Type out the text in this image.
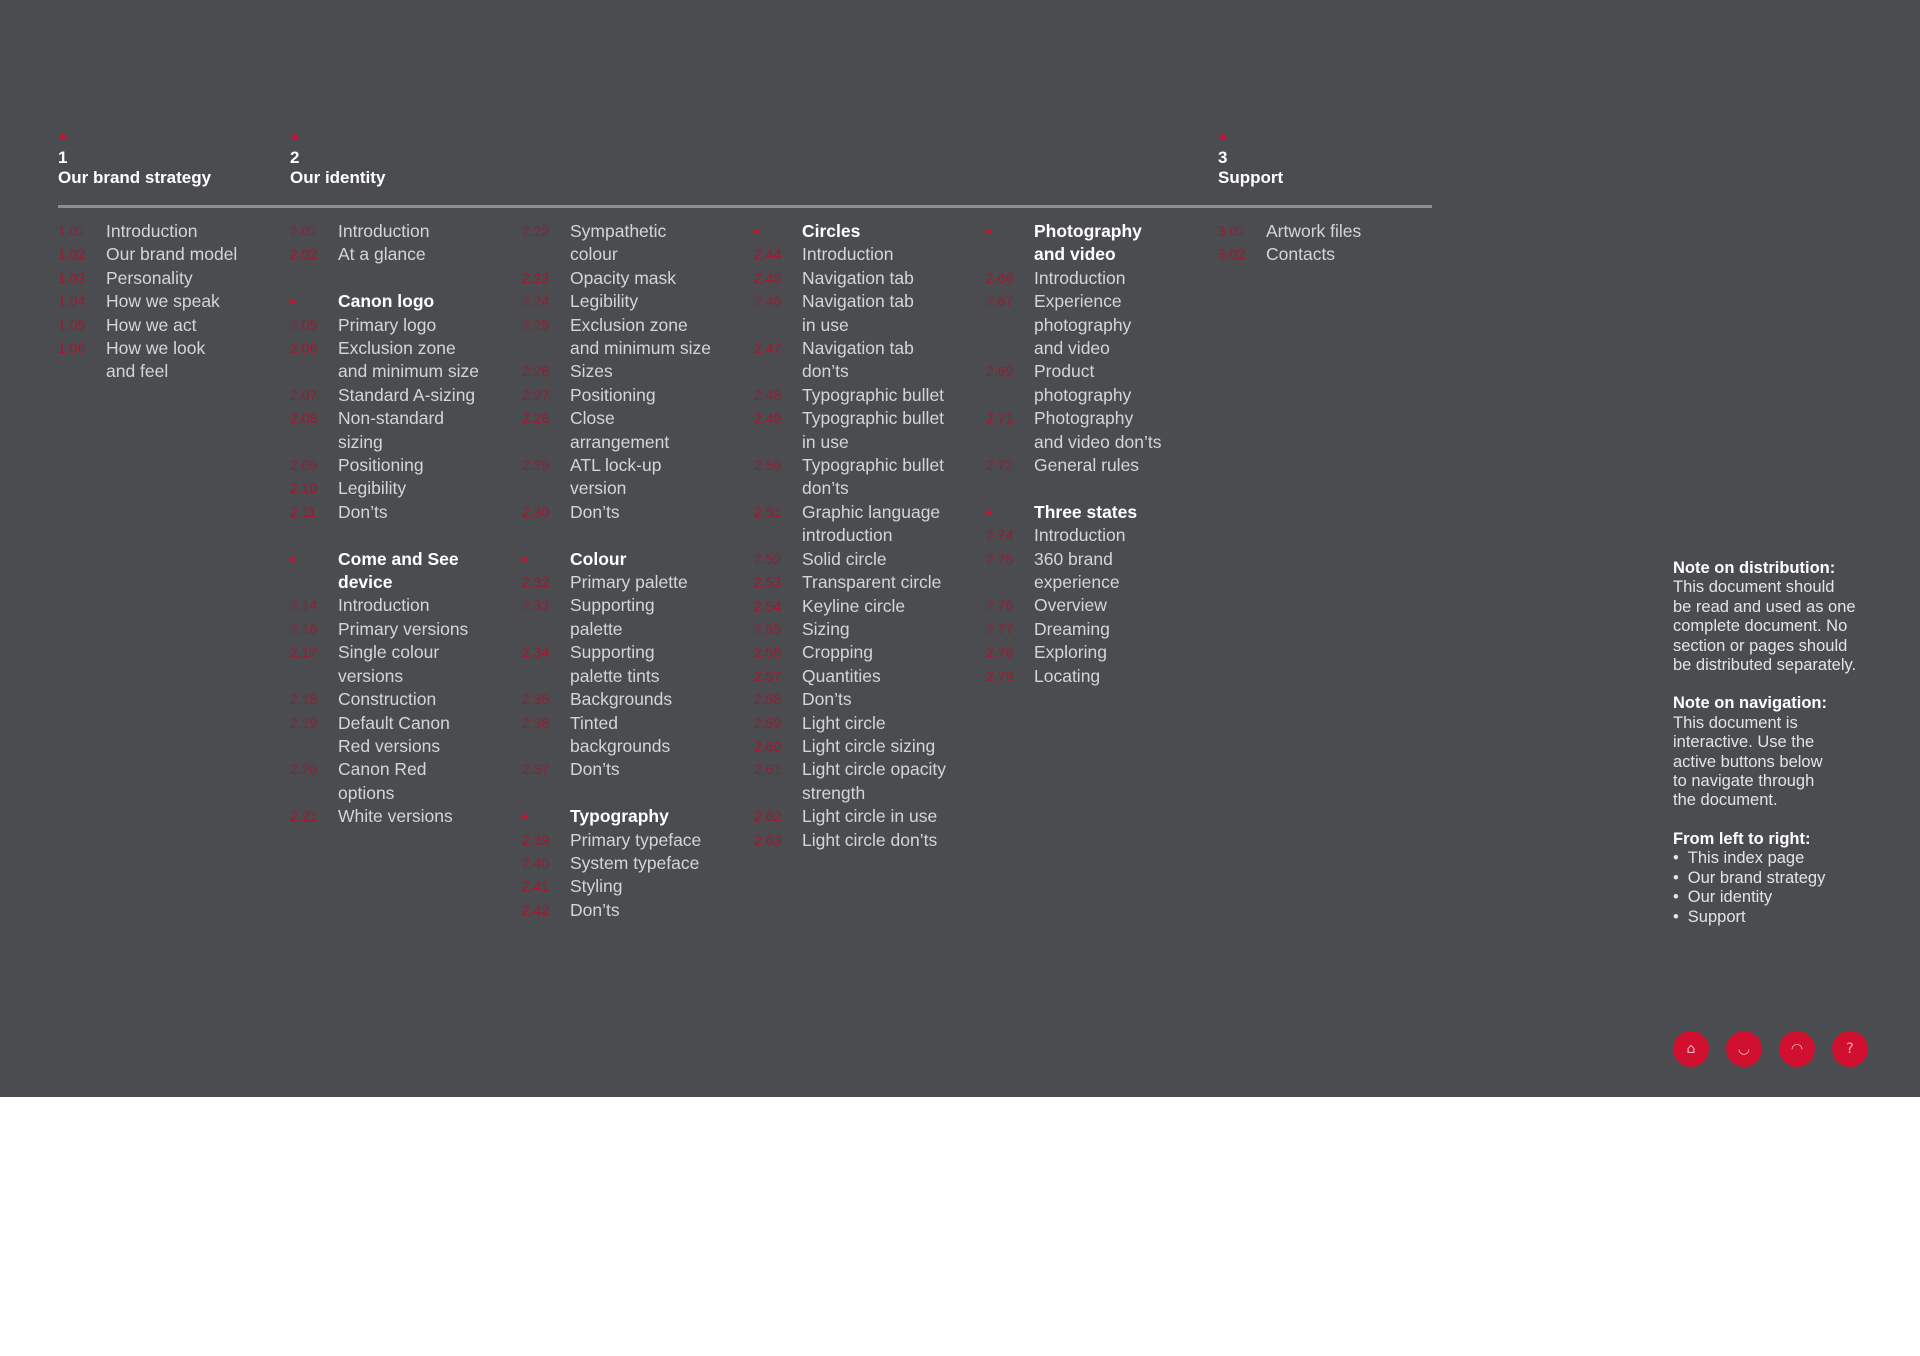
1
Our brand strategy
2
Our identity
3
Support
1.01	Introduction
1.02	Our brand model
1.03	Personality
1.04	How we speak
1.05	How we act
1.06	How we look
and feel
2.01	Introduction
2.02	At a glance
Canon logo
2.05	Primary logo
2.06	Exclusion zone
and minimum size
2.07	Standard A-sizing
2.08	Non-standard
sizing
2.09	Positioning
2.10	Legibility
2.11	Don’ts
Come and See
device
2.14	Introduction
2.16	Primary versions
2.17	Single colour
versions
2.18	Construction
2.19	Default Canon
Red versions
2.20	Canon Red
options
2.21	White versions
2.22	Sympathetic
colour
2.23	Opacity mask
2.24	Legibility
2.25	Exclusion zone
and minimum size
2.26	Sizes
2.27	Positioning
2.28	Close
arrangement
2.29	ATL lock-up
version
2.30	Don’ts
Colour
2.32	Primary palette
2.33	Supporting
palette
2.34	Supporting
palette tints
2.35	Backgrounds
2.36	Tinted
backgrounds
2.37	Don’ts
Typography
2.39	Primary typeface
2.40	System typeface
2.41	Styling
2.42	Don’ts
Circles
2.44	Introduction
2.45	Navigation tab
2.46	Navigation tab
in use
2.47	Navigation tab
don’ts
2.48	Typographic bullet
2.49	Typographic bullet
in use
2.50	Typographic bullet
don’ts
2.51	Graphic language
introduction
2.52	Solid circle
2.53	Transparent circle
2.54	Keyline circle
2.55	Sizing
2.56	Cropping
2.57	Quantities
2.58	Don’ts
2.59	Light circle
2.60	Light circle sizing
2.61	Light circle opacity
strength
2.62	Light circle in use
2.63	Light circle don’ts
Photography
and video
2.66	Introduction
2.67	Experience
photography
and video
2.69	Product
photography
2.71	Photography
and video don’ts
2.72	General rules
Three states
2.74	Introduction
2.75	360 brand
experience
2.76	Overview
2.77	Dreaming
2.78	Exploring
2.79	Locating
3.01	Artwork files
3.02	Contacts
Note on distribution:
This document should
be read and used as one
complete document. No
section or pages should
be distributed separately.
Note on navigation:
This document is
interactive. Use the
active buttons below
to navigate through
the document.
From left to right:
• This index page
• Our brand strategy
• Our identity
• Support
⌂	◡	◠	?
